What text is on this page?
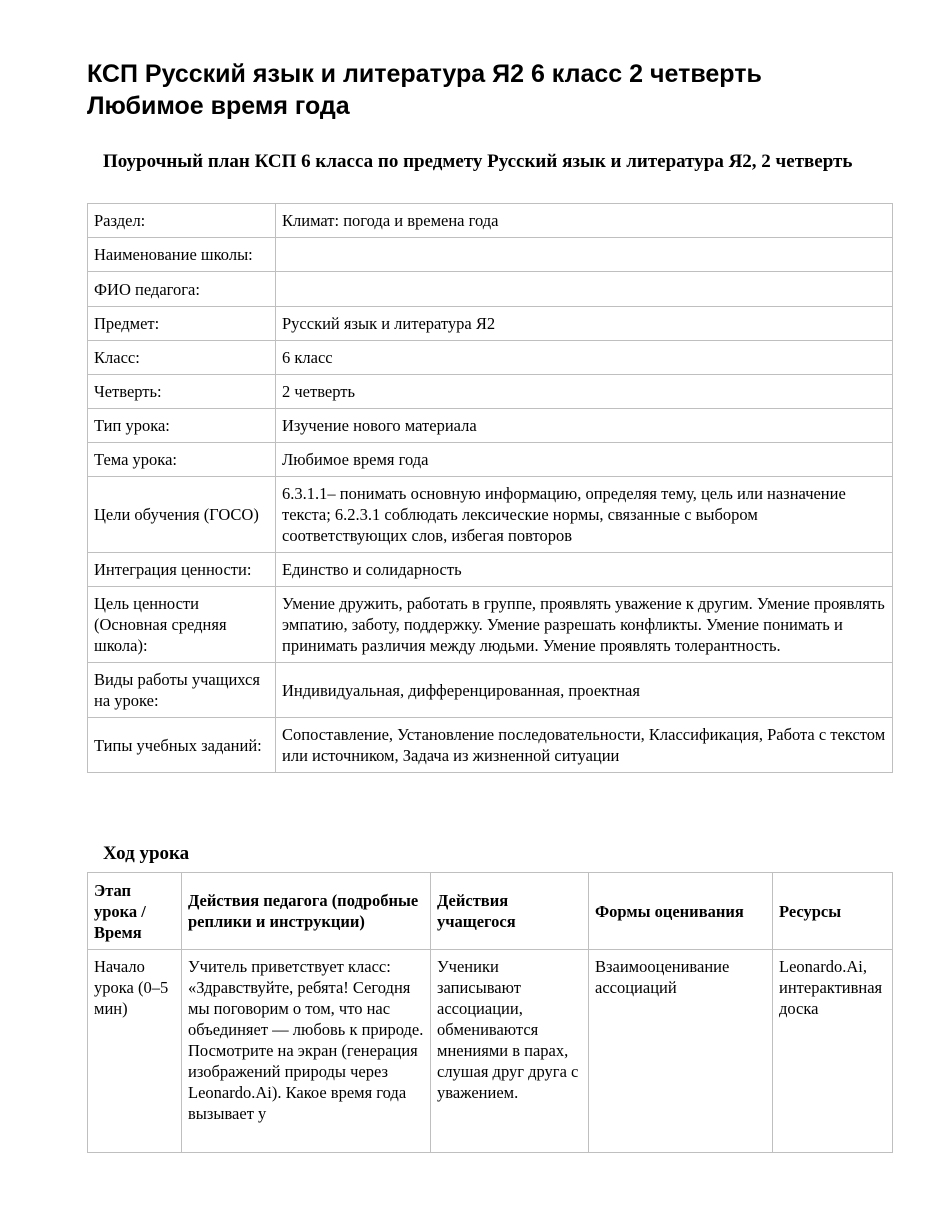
КСП Русский язык и литература Я2 6 класс 2 четверть
Любимое время года

Поурочный план КСП 6 класса по предмету Русский язык и литература Я2, 2 четверть

Раздел:	Климат: погода и времена года
Наименование школы:	
ФИО педагога:	
Предмет:	Русский язык и литература Я2
Класс:	6 класс
Четверть:	2 четверть
Тип урока:	Изучение нового материала
Тема урока:	Любимое время года
Цели обучения (ГОСО)	6.3.1.1– понимать основную информацию, определяя тему, цель или назначение текста; 6.2.3.1 соблюдать лексические нормы, связанные с выбором соответствующих слов, избегая повторов
Интеграция ценности:	Единство и солидарность
Цель ценности (Основная средняя школа):	Умение дружить, работать в группе, проявлять уважение к другим. Умение проявлять эмпатию, заботу, поддержку. Умение разрешать конфликты. Умение понимать и принимать различия между людьми. Умение проявлять толерантность.
Виды работы учащихся на уроке:	Индивидуальная, дифференцированная, проектная
Типы учебных заданий:	Сопоставление, Установление последовательности, Классификация, Работа с текстом или источником, Задача из жизненной ситуации
Ход урока
Этап урока / Время	Действия педагога (подробные реплики и инструкции)	Действия учащегося	Формы оценивания	Ресурсы

Начало урока (0–5 мин)	Учитель приветствует класс: «Здравствуйте, ребята! Сегодня мы поговорим о том, что нас объединяет — любовь к природе. Посмотрите на экран (генерация изображений природы через Leonardo.Ai). Какое время года вызывает у	Ученики записывают ассоциации, обмениваются мнениями в парах, слушая друг друга с уважением.	Взаимооценивание ассоциаций	Leonardo.Ai, интерактивная доска
